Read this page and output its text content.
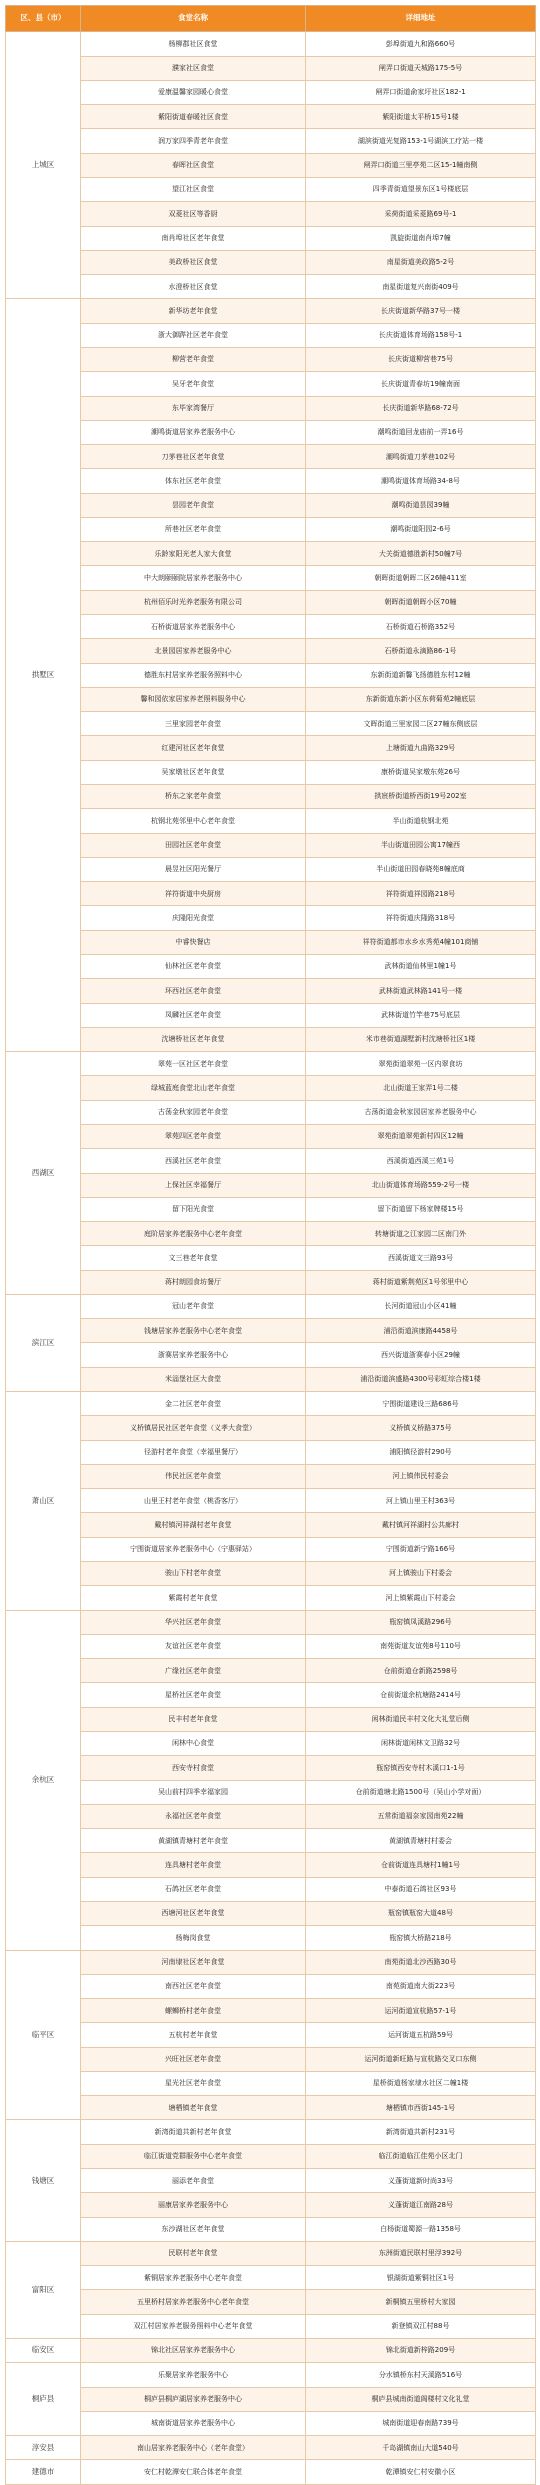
区、县（市）	食堂名称	详细地址
上城区	杨柳郡社区食堂	彭埠街道九和路660号
	濮家社区食堂	闸弄口街道天城路175-5号
	爱康温馨家园暖心食堂	闸弄口街道俞家圩社区182-1
	紫阳街道春暖社区食堂	紫阳街道太平桥15号1楼
	润万家四季青老年食堂	湖滨街道光复路153-1号湖滨工疗站一楼
	春晖社区食堂	闸弄口街道三里亭苑二区15-1幢南侧
	望江社区食堂	四季青街道望景东区1号楼底层
	双菱社区等香厨	采荷街道采菱路69号-1
	南肖埠社区老年食堂	凯旋街道南肖埠7幢
	美政桥社区食堂	南星街道美政路5-2号
	水澄桥社区食堂	南星街道复兴南街409号
拱墅区	新华坊老年食堂	长庆街道新华路37号一楼
	浙大御跸社区老年食堂	长庆街道体育场路158号-1
	柳营老年食堂	长庆街道柳营巷75号
	吴牙老年食堂	长庆街道青春坊19幢南面
	东毕家湾餐厅	长庆街道新华路68-72号
	潮鸣街道居家养老服务中心	潮鸣街道回龙庙前一弄16号
	刀茅巷社区老年食堂	潮鸣街道刀茅巷102号
	体东社区老年食堂	潮鸣街道体育场路34-8号
	昙园老年食堂	潮鸣街道昙园39幢
	所巷社区老年食堂	潮鸣街道阳园2-6号
	乐龄家阳光老人家大食堂	大关街道德胜新村50幢7号
	中大朗颐颐院居家养老服务中心	朝晖街道朝晖二区26幢411室
	杭州佰乐时光养老服务有限公司	朝晖街道朝晖小区70幢
	石桥街道居家养老服务中心	石桥街道石桥路352号
	北景园居家养老服务中心	石桥街道永滴路86-1号
	德胜东村居家养老服务照料中心	东新街道新馨飞扬德胜东村12幢
	馨和园依家居家养老照料服务中心	东新街道东新小区东荷菊苑2幢底层
	三里家园老年食堂	文晖街道三里家园二区27幢东侧底层
	红建河社区老年食堂	上塘街道九曲路329号
	吴家墩社区老年食堂	康桥街道吴家墩东苑26号
	桥东之家老年食堂	拱宸桥街道桥西街19号202室
	杭钢北苑邻里中心老年食堂	半山街道杭钢北苑
	田园社区老年食堂	半山街道田园公寓17幢西
	晨昱社区阳光餐厅	半山街道田园春晓苑8幢底商
	祥符街道中央厨房	祥符街道祥园路218号
	庆隆阳光食堂	祥符街道庆隆路318号
	中睿快餐店	祥符街道都市水乡水秀苑4幢101商铺
	仙林社区老年食堂	武林街道仙林里1幢1号
	环西社区老年食堂	武林街道武林路141号一楼
	凤麟社区老年食堂	武林街道竹竿巷75号底层
	沈塘桥社区老年食堂	米市巷街道湖墅新村沈塘桥社区1楼
西湖区	翠苑一区社区老年食堂	翠苑街道翠苑一区内翠食坊
	绿城蓝庭食堂北山老年食堂	北山街道王家弄1号二楼
	古荡金秋家园老年食堂	古荡街道金秋家园居家养老服务中心
	翠苑四区老年食堂	翠苑街道翠苑新村四区12幢
	西溪社区老年食堂	西溪街道西溪三苑1号
	上保社区幸福餐厅	北山街道体育场路559-2号一楼
	留下阳光食堂	留下街道留下杨家牌楼15号
	庭阶居家养老服务中心老年食堂	转塘街道之江家园二区南门外
	文三巷老年食堂	西溪街道文三路93号
	蒋村朗园食坊餐厅	蒋村街道紫荆苑区1号邻里中心
滨江区	冠山老年食堂	长河街道冠山小区41幢
	钱塘居家养老服务中心老年食堂	浦沿街道滨康路4458号
	浙赛居家养老服务中心	西兴街道浙赛春小区29幢
	米淄堡社区大食堂	浦沿街道滨盛路4300号彩虹综合楼1楼
萧山区	金二社区老年食堂	宁围街道建设三路686号
	义桥镇居民社区老年食堂（义孝大食堂）	义桥镇义桥路375号
	径游村老年食堂（幸福里餐厅）	浦阳镇径游村290号
	伟民社区老年食堂	河上镇伟民村委会
	山里王村老年食堂（桃香客厅）	河上镇山里王村363号
	戴村镇河祥湖村老年食堂	戴村镇河祥湖村公共廊村
	宁围街道居家养老服务中心（宁惠驿站）	宁围街道新宁路166号
	骏山下村老年食堂	河上镇骏山下村委会
	紫霞村老年食堂	河上镇紫霞山下村委会
余杭区	华兴社区老年食堂	瓶窑镇凤溪路296号
	友谊社区老年食堂	南苑街道友谊苑8号110号
	广缘社区老年食堂	仓前街道仓新路2598号
	星桥社区老年食堂	仓前街道余杭塘路2414号
	民丰村老年食堂	闲林街道民丰村文化大礼堂后侧
	闲林中心食堂	闲林街道闲林文卫路32号
	西安寺村食堂	瓶窑镇西安寺村木溪口1-1号
	吴山前村四季幸福家园	仓前街道塘北路1500号（吴山小学对面）
	永福社区老年食堂	五常街道福奈家园南苑22幢
	黄湖镇青塘村老年食堂	黄湖镇青塘村村委会
	连具塘村老年食堂	仓前街道连具塘村1幢1号
	石鸽社区老年食堂	中泰街道石鸽社区93号
	西塘河社区老年食堂	瓶窑镇瓶窑大道48号
	杨梅岗食堂	瓶窑镇大桥路218号
临平区	河南埭社区老年食堂	南苑街道北沙西路30号
	南西社区老年食堂	南苑街道南大街223号
	螺蛳桥村老年食堂	运河街道宣杭路57-1号
	五杭村老年食堂	运河街道五杭路59号
	兴旺社区老年食堂	运河街道新旺路与宣杭路交叉口东侧
	星光社区老年食堂	星桥街道杨家埭水社区二幢1楼
	塘栖镇老年食堂	塘栖镇市西街145-1号
钱塘区	新湾街道共新村老年食堂	新湾街道共新村231号
	临江街道党群服务中心老年食堂	临江街道临江佳苑小区北门
	丽添老年食堂	义蓬街道新时尚33号
	丽康居家养老服务中心	义蓬街道江南路28号
	东沙湖社区老年食堂	白杨街道蜀源一路1358号
富阳区	民联村老年食堂	东洲街道民联村里浮392号
	紫铜居家养老服务中心老年食堂	银湖街道紫铜社区1号
	五里桥村居家养老服务中心老年食堂	新桐镇五里桥村大家园
	双江村居家养老服务照料中心老年食堂	新登镇双江村88号
临安区	锦北社区居家养老服务中心	锦北街道新梓路209号
桐庐县	乐聚居家养老服务中心	分水镇桥东村天溪路516号
	桐庐县桐庐湖居家养老服务中心	桐庐县城南街道阁楼村文化礼堂
	城南街道居家养老服务中心	城南街道迎春南路739号
淳安县	南山居家养老服务中心（老年食堂）	千岛湖镇南山大道540号
建德市	安仁村乾潭安仁联合体老年食堂	乾潭镇安仁村安徽小区
